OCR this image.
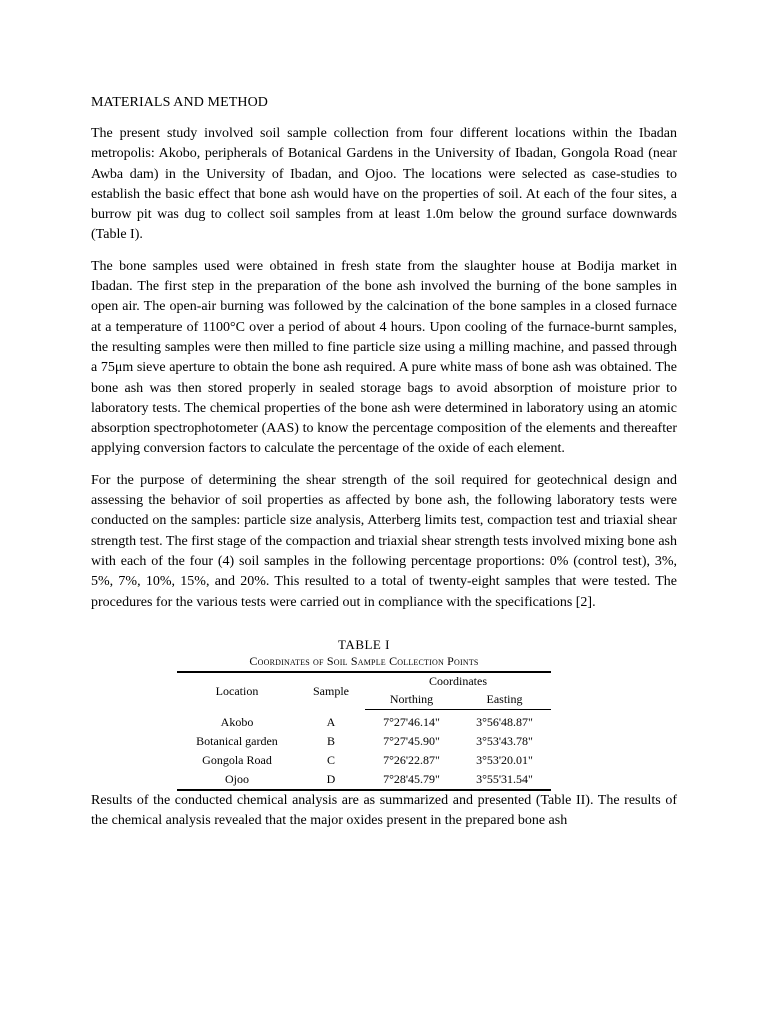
MATERIALS AND METHOD

The present study involved soil sample collection from four different locations within the Ibadan metropolis: Akobo, peripherals of Botanical Gardens in the University of Ibadan, Gongola Road (near Awba dam) in the University of Ibadan, and Ojoo. The locations were selected as case-studies to establish the basic effect that bone ash would have on the properties of soil. At each of the four sites, a burrow pit was dug to collect soil samples from at least 1.0m below the ground surface downwards (Table I).

The bone samples used were obtained in fresh state from the slaughter house at Bodija market in Ibadan. The first step in the preparation of the bone ash involved the burning of the bone samples in open air. The open-air burning was followed by the calcination of the bone samples in a closed furnace at a temperature of 1100°C over a period of about 4 hours. Upon cooling of the furnace-burnt samples, the resulting samples were then milled to fine particle size using a milling machine, and passed through a 75μm sieve aperture to obtain the bone ash required. A pure white mass of bone ash was obtained. The bone ash was then stored properly in sealed storage bags to avoid absorption of moisture prior to laboratory tests. The chemical properties of the bone ash were determined in laboratory using an atomic absorption spectrophotometer (AAS) to know the percentage composition of the elements and thereafter applying conversion factors to calculate the percentage of the oxide of each element.

For the purpose of determining the shear strength of the soil required for geotechnical design and assessing the behavior of soil properties as affected by bone ash, the following laboratory tests were conducted on the samples: particle size analysis, Atterberg limits test, compaction test and triaxial shear strength test. The first stage of the compaction and triaxial shear strength tests involved mixing bone ash with each of the four (4) soil samples in the following percentage proportions: 0% (control test), 3%, 5%, 7%, 10%, 15%, and 20%. This resulted to a total of twenty-eight samples that were tested. The procedures for the various tests were carried out in compliance with the specifications [2].

TABLE I
Coordinates of Soil Sample Collection Points
Location	Sample	Coordinates	
		Northing	Easting
Akobo	A	7°27'46.14"	3°56'48.87"
Botanical garden	B	7°27'45.90"	3°53'43.78"
Gongola Road	C	7°26'22.87"	3°53'20.01"
Ojoo	D	7°28'45.79"	3°55'31.54"

Results of the conducted chemical analysis are as summarized and presented (Table II). The results of the chemical analysis revealed that the major oxides present in the prepared bone ash
